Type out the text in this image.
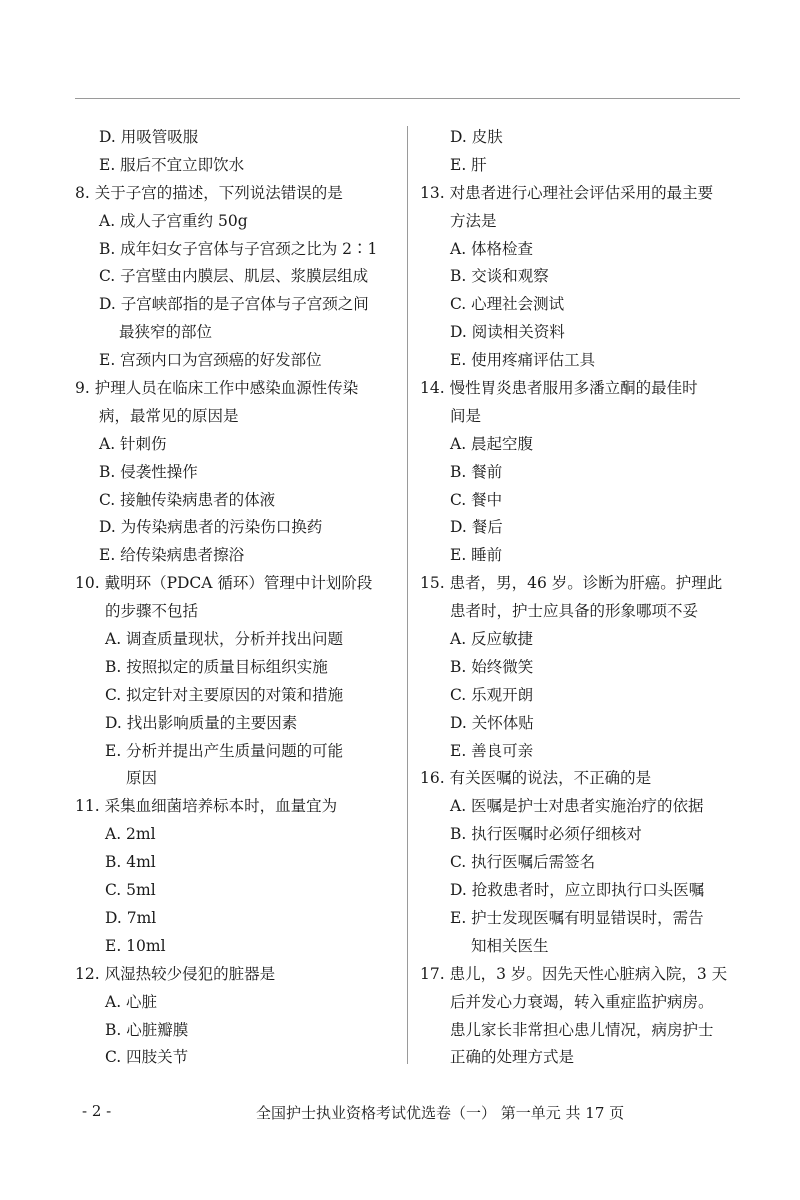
D. 用吸管吸服
E. 服后不宜立即饮水
8. 关于子宫的描述，下列说法错误的是
A. 成人子宫重约 50g
B. 成年妇女子宫体与子宫颈之比为 2∶1
C. 子宫壁由内膜层、肌层、浆膜层组成
D. 子宫峡部指的是子宫体与子宫颈之间
最狭窄的部位
E. 宫颈内口为宫颈癌的好发部位
9. 护理人员在临床工作中感染血源性传染
病，最常见的原因是
A. 针刺伤
B. 侵袭性操作
C. 接触传染病患者的体液
D. 为传染病患者的污染伤口换药
E. 给传染病患者擦浴
10. 戴明环（PDCA 循环）管理中计划阶段
的步骤不包括
A. 调查质量现状，分析并找出问题
B. 按照拟定的质量目标组织实施
C. 拟定针对主要原因的对策和措施
D. 找出影响质量的主要因素
E. 分析并提出产生质量问题的可能
原因
11. 采集血细菌培养标本时，血量宜为
A. 2ml
B. 4ml
C. 5ml
D. 7ml
E. 10ml
12. 风湿热较少侵犯的脏器是
A. 心脏
B. 心脏瓣膜
C. 四肢关节
D. 皮肤
E. 肝
13. 对患者进行心理社会评估采用的最主要
方法是
A. 体格检查
B. 交谈和观察
C. 心理社会测试
D. 阅读相关资料
E. 使用疼痛评估工具
14. 慢性胃炎患者服用多潘立酮的最佳时
间是
A. 晨起空腹
B. 餐前
C. 餐中
D. 餐后
E. 睡前
15. 患者，男，46 岁。诊断为肝癌。护理此
患者时，护士应具备的形象哪项不妥
A. 反应敏捷
B. 始终微笑
C. 乐观开朗
D. 关怀体贴
E. 善良可亲
16. 有关医嘱的说法，不正确的是
A. 医嘱是护士对患者实施治疗的依据
B. 执行医嘱时必须仔细核对
C. 执行医嘱后需签名
D. 抢救患者时，应立即执行口头医嘱
E. 护士发现医嘱有明显错误时，需告
知相关医生
17. 患儿，3 岁。因先天性心脏病入院，3 天
后并发心力衰竭，转入重症监护病房。
患儿家长非常担心患儿情况，病房护士
正确的处理方式是
- 2 -	全国护士执业资格考试优选卷（一） 第一单元 共 17 页
